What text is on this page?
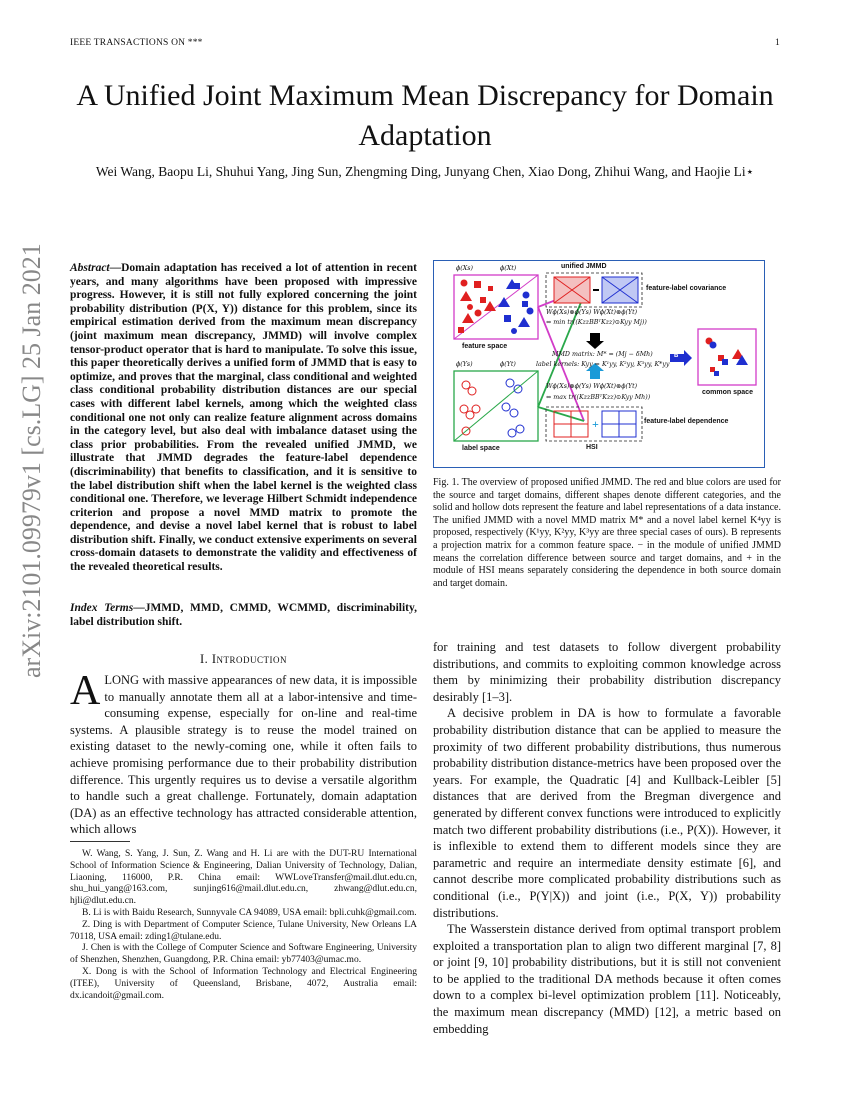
IEEE TRANSACTIONS ON ***	1
arXiv:2101.09979v1 [cs.LG] 25 Jan 2021
A Unified Joint Maximum Mean Discrepancy for Domain Adaptation
Wei Wang, Baopu Li, Shuhui Yang, Jing Sun, Zhengming Ding, Junyang Chen, Xiao Dong, Zhihui Wang, and Haojie Li⋆
Abstract—Domain adaptation has received a lot of attention in recent years, and many algorithms have been proposed with impressive progress. However, it is still not fully explored concerning the joint probability distribution (P(X, Y)) distance for this problem, since its empirical estimation derived from the maximum mean discrepancy (joint maximum mean discrepancy, JMMD) will involve complex tensor-product operator that is hard to manipulate. To solve this issue, this paper theoretically derives a unified form of JMMD that is easy to optimize, and proves that the marginal, class conditional and weighted class conditional probability distribution distances are our special cases with different label kernels, among which the weighted class conditional one not only can realize feature alignment across domains in the category level, but also deal with imbalance dataset using the class prior probabilities. From the revealed unified JMMD, we illustrate that JMMD degrades the feature-label dependence (discriminability) that benefits to classification, and it is sensitive to the label distribution shift when the label kernel is the weighted class conditional one. Therefore, we leverage Hilbert Schmidt independence criterion and propose a novel MMD matrix to promote the dependence, and devise a novel label kernel that is robust to label distribution shift. Finally, we conduct extensive experiments on several cross-domain datasets to demonstrate the validity and effectiveness of the revealed theoretical results.
Index Terms—JMMD, MMD, CMMD, WCMMD, discriminability, label distribution shift.
I. Introduction
ALONG with massive appearances of new data, it is impossible to manually annotate them all at a labor-intensive and time-consuming expense, especially for on-line and real-time systems. A plausible strategy is to reuse the model trained on existing dataset to the newly-coming one, while it often fails to achieve promising performance due to their probability distribution difference. This urgently requires us to devise a versatile algorithm to handle such a great challenge. Fortunately, domain adaptation (DA) as an effective technology has attracted considerable attention, which allows

W. Wang, S. Yang, J. Sun, Z. Wang and H. Li are with the DUT-RU International School of Information Science & Engineering, Dalian University of Technology, Dalian, Liaoning, 116000, P.R. China email: WWLoveTransfer@mail.dlut.edu.cn, shu_hui_yang@163.com, sunjing616@mail.dlut.edu.cn, zhwang@dlut.edu.cn, hjli@dlut.edu.cn.

B. Li is with Baidu Research, Sunnyvale CA 94089, USA email: bpli.cuhk@gmail.com.

Z. Ding is with Department of Computer Science, Tulane University, New Orleans LA 70118, USA email: zding1@tulane.edu.

J. Chen is with the College of Computer Science and Software Engineering, University of Shenzhen, Shenzhen, Guangdong, P.R. China email: yb77403@umac.mo.

X. Dong is with the School of Information Technology and Electrical Engineering (ITEE), University of Queensland, Brisbane, 4072, Australia email: dx.icandoit@gmail.com.

+
unified JMMD
feature-label covariance
ϕ(Xs)	ϕ(Xt)
feature space
ϕ(Ys)	ϕ(Yt)
label space
Wϕ(Xs)⊗ϕ(Ys) Wϕ(Xt)⊗ϕ(Yt)
⇔ min tr((KzzBBᵀKzz)⊙Kyy Mj))
MMD matrix: M* = (Mj − δMh)
label kernels: Kyy = K¹yy, K²yy, K³yy, K*yy
Wϕ(Xs)⊗ϕ(Ys) Wϕ(Xt)⊗ϕ(Yt)
⇔ max tr((KzzBBᵀKzz)⊙Kyy Mh))
feature-label dependence
HSI
common space
B
Fig. 1. The overview of proposed unified JMMD. The red and blue colors are used for the source and target domains, different shapes denote different categories, and the solid and hollow dots represent the feature and label representations of a data instance. The unified JMMD with a novel MMD matrix M* and a novel label kernel K⁴yy is proposed, respectively (K¹yy, K²yy, K³yy are three special cases of ours). B represents a projection matrix for a common feature space. − in the module of unified JMMD means the correlation difference between source and target domains, and + in the module of HSI means separately considering the dependence in both source domain and target domain.

for training and test datasets to follow divergent probability distributions, and commits to exploiting common knowledge across them by minimizing their probability distribution discrepancy desirably [1–3].

A decisive problem in DA is how to formulate a favorable probability distribution distance that can be applied to measure the proximity of two different probability distributions, thus numerous probability distribution distance-metrics have been proposed over the years. For example, the Quadratic [4] and Kullback-Leibler [5] distances that are derived from the Bregman divergence and generated by different convex functions were introduced to explicitly match two different probability distributions (i.e., P(X)). However, it is inflexible to extend them to different models since they are parametric and require an intermediate density estimate [6], and cannot describe more complicated probability distributions such as conditional (i.e., P(Y|X)) and joint (i.e., P(X, Y)) probability distributions.

The Wasserstein distance derived from optimal transport problem exploited a transportation plan to align two different marginal [7, 8] or joint [9, 10] probability distributions, but it is still not convenient to be applied to the traditional DA methods because it often comes down to a complex bi-level optimization problem [11]. Noticeably, the maximum mean discrepancy (MMD) [12], a metric based on embedding
